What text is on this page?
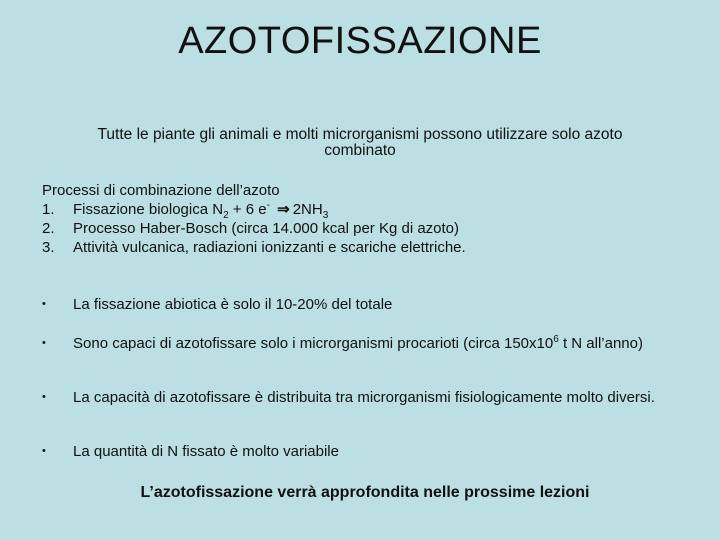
AZOTOFISSAZIONE
Tutte le piante gli animali e molti microrganismi possono utilizzare solo azoto combinato
Processi di combinazione dell’azoto
1.	Fissazione biologica $N_2 + 6$ e- ⇒ $2NH_3$
2.	Processo Haber-Bosch (circa 14.000 kcal per Kg di azoto)
3.	Attività vulcanica, radiazioni ionizzanti e scariche elettriche.
•	La fissazione abiotica è solo il 10-20% del totale
•	Sono capaci di azotofissare solo i microrganismi procarioti (circa $150x10^6$ t N all’anno)
•	La capacità di azotofissare è distribuita tra microrganismi fisiologicamente molto diversi.
•	La quantità di N fissato è molto variabile
L’azotofissazione verrà approfondita nelle prossime lezioni
